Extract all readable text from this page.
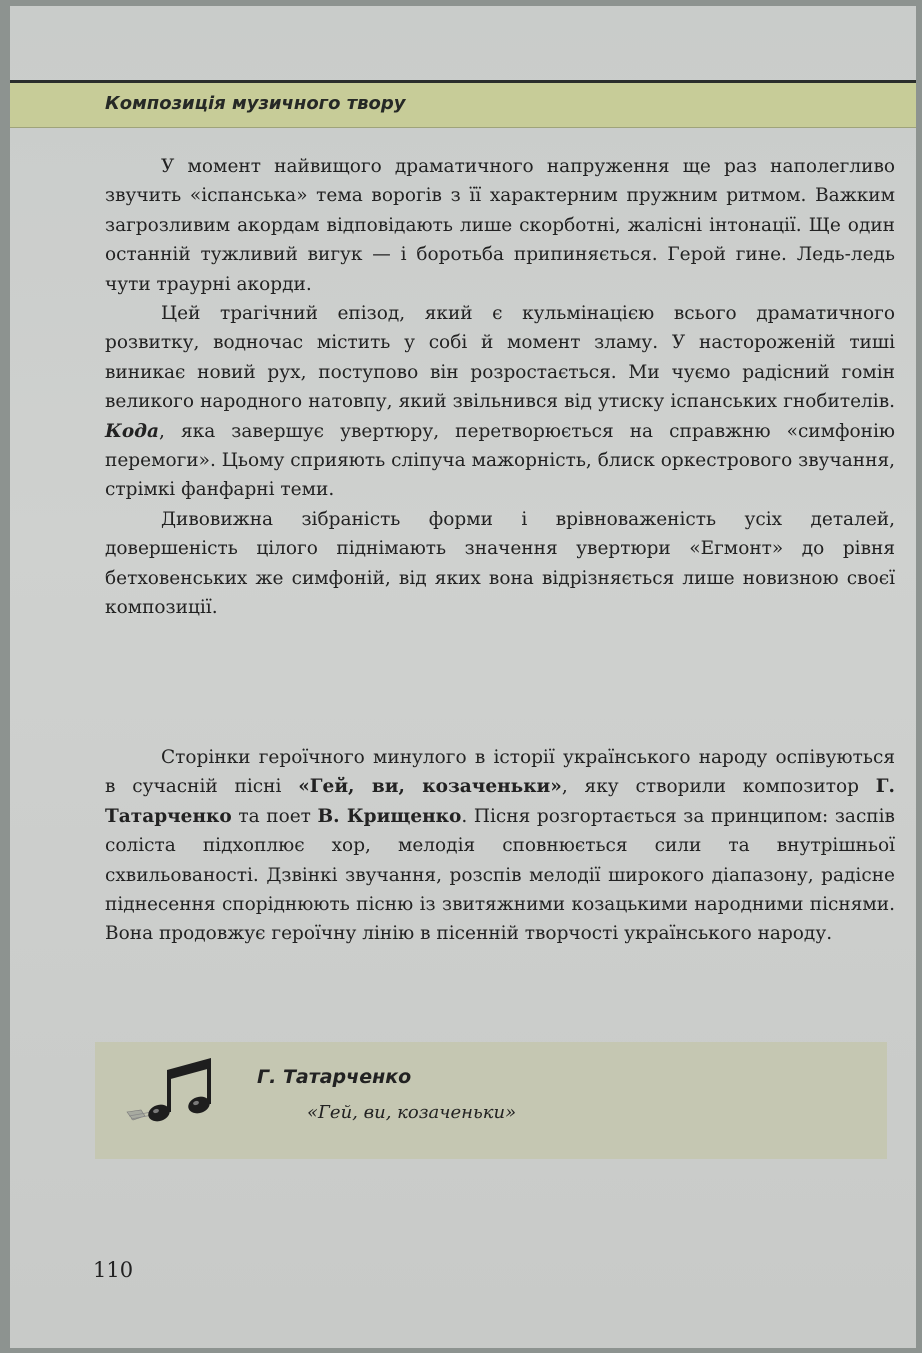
Композиція музичного твору

У момент найвищого драматичного напруження ще раз наполегливо звучить «іспанська» тема ворогів з її характерним пружним ритмом. Важким загрозливим акордам відповідають лише скорботні, жалісні інтонації. Ще один останній тужливий вигук — і боротьба припиняється. Герой гине. Ледь-ледь чути траурні акорди.

Цей трагічний епізод, який є кульмінацією всього драматичного розвитку, водночас містить у собі й момент зламу. У настороженій тиші виникає новий рух, поступово він розростається. Ми чуємо радісний гомін великого народного натовпу, який звільнився від утиску іспанських гнобителів. Кода, яка завершує увертюру, перетворюється на справжню «симфонію перемоги». Цьому сприяють сліпуча мажорність, блиск оркестрового звучання, стрімкі фанфарні теми.

Дивовижна зібраність форми і врівноваженість усіх деталей, довершеність цілого піднімають значення увертюри «Егмонт» до рівня бетховенських же симфоній, від яких вона відрізняється лише новизною своєї композиції.

Сторінки героїчного минулого в історії українського народу оспівуються в сучасній пісні «Гей, ви, козаченьки», яку створили композитор Г. Татарченко та поет В. Крищенко. Пісня розгортається за принципом: заспів соліста підхоплює хор, мелодія сповнюється сили та внутрішньої схвильованості. Дзвінкі звучання, розспів мелодії широкого діапазону, радісне піднесення споріднюють пісню із звитяжними козацькими народними піснями. Вона продовжує героїчну лінію в пісенній творчості українського народу.

Г. Татарченко
«Гей, ви, козаченьки»
110
